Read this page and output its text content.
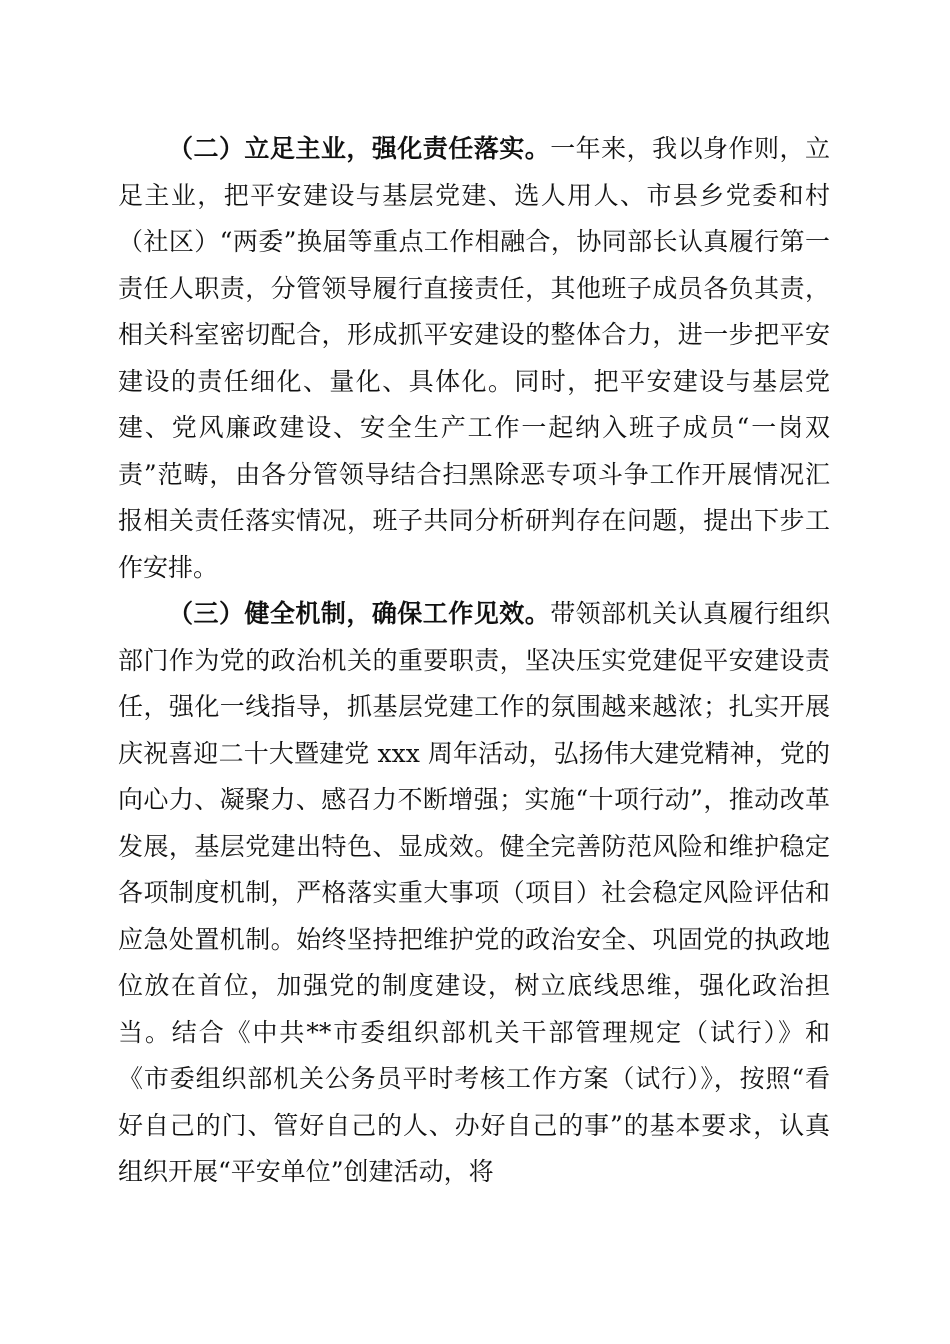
（二）立足主业，强化责任落实。一年来，我以身作则，立足主业，把平安建设与基层党建、选人用人、市县乡党委和村（社区）“两委”换届等重点工作相融合，协同部长认真履行第一责任人职责，分管领导履行直接责任，其他班子成员各负其责，相关科室密切配合，形成抓平安建设的整体合力，进一步把平安建设的责任细化、量化、具体化。同时，把平安建设与基层党建、党风廉政建设、安全生产工作一起纳入班子成员“一岗双责”范畴，由各分管领导结合扫黑除恶专项斗争工作开展情况汇报相关责任落实情况，班子共同分析研判存在问题，提出下步工作安排。

（三）健全机制，确保工作见效。带领部机关认真履行组织部门作为党的政治机关的重要职责，坚决压实党建促平安建设责任，强化一线指导，抓基层党建工作的氛围越来越浓；扎实开展庆祝喜迎二十大暨建党 xxx 周年活动，弘扬伟大建党精神，党的向心力、凝聚力、感召力不断增强；实施“十项行动”，推动改革发展，基层党建出特色、显成效。健全完善防范风险和维护稳定各项制度机制，严格落实重大事项（项目）社会稳定风险评估和应急处置机制。始终坚持把维护党的政治安全、巩固党的执政地位放在首位，加强党的制度建设，树立底线思维，强化政治担当。结合《中共**市委组织部机关干部管理规定（试行）》和《市委组织部机关公务员平时考核工作方案（试行）》，按照“看好自己的门、管好自己的人、办好自己的事”的基本要求，认真组织开展“平安单位”创建活动，将
